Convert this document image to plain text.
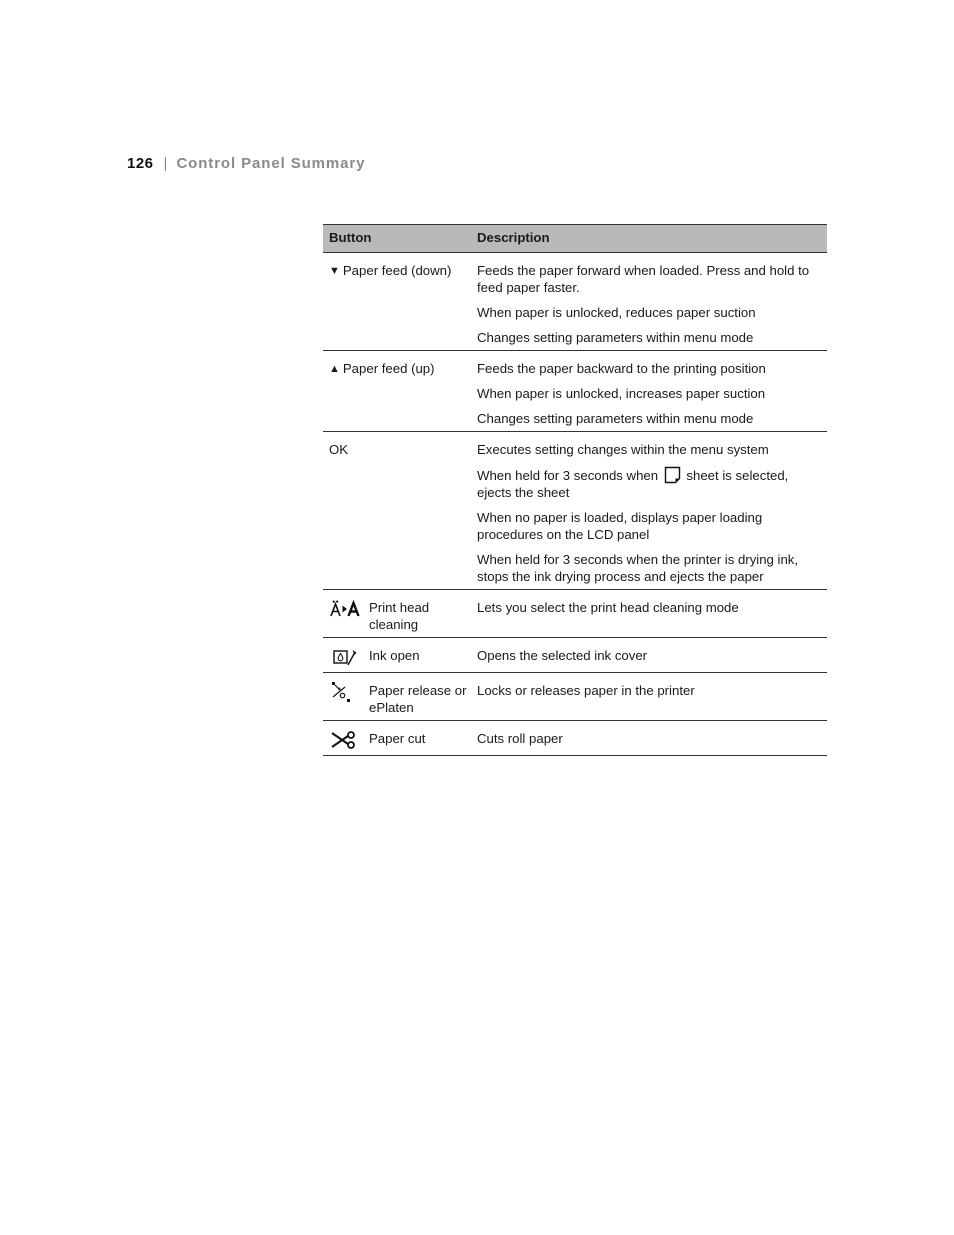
126 | Control Panel Summary
Button	Description
▼ Paper feed (down)	Feeds the paper forward when loaded. Press and hold to feed paper faster.
When paper is unlocked, reduces paper suction
Changes setting parameters within menu mode

▲ Paper feed (up)	Feeds the paper backward to the printing position
When paper is unlocked, increases paper suction
Changes setting parameters within menu mode

OK	Executes setting changes within the menu system
When held for 3 seconds when sheet is selected, ejects the sheet
When no paper is loaded, displays paper loading procedures on the LCD panel
When held for 3 seconds when the printer is drying ink, stops the ink drying process and ejects the paper

Print head cleaning	Lets you select the print head cleaning mode

Ink open	Opens the selected ink cover

Paper release or ePlaten	Locks or releases paper in the printer

Paper cut	Cuts roll paper
